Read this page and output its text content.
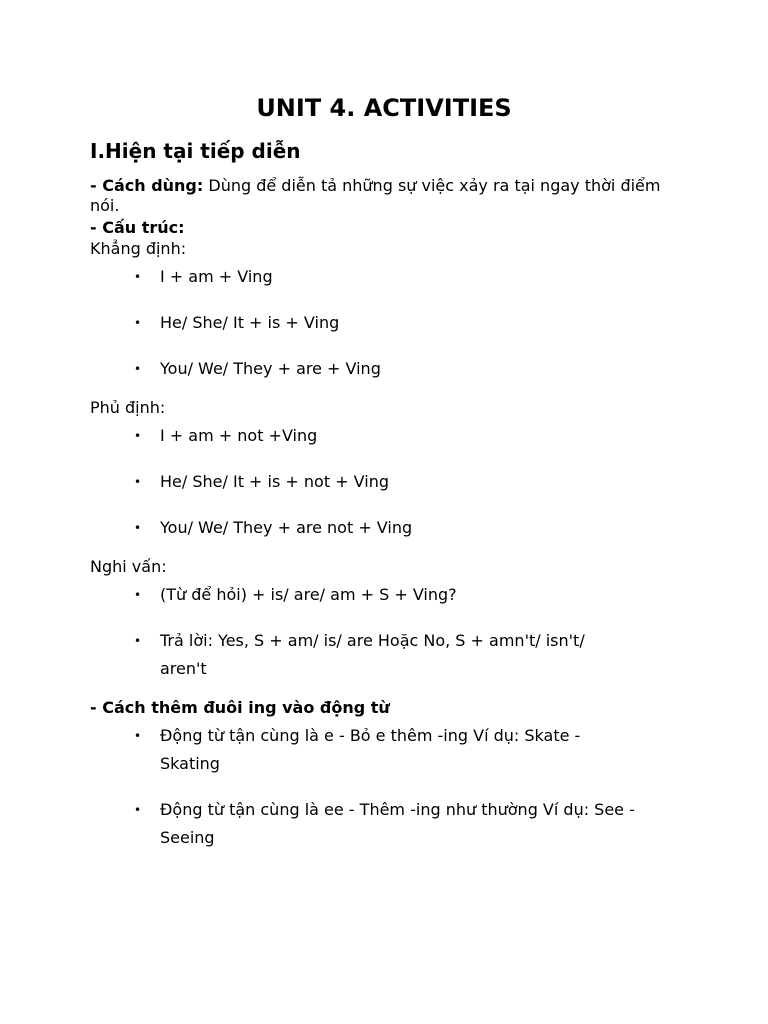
UNIT 4. ACTIVITIES
I.Hiện tại tiếp diễn

- Cách dùng: Dùng để diễn tả những sự việc xảy ra tại ngay thời điểm nói.

- Cấu trúc:

Khẳng định:

• I + am + Ving
• He/ She/ It + is + Ving
• You/ We/ They + are + Ving

Phủ định:

• I + am + not +Ving
• He/ She/ It + is + not + Ving
• You/ We/ They + are not + Ving

Nghi vấn:

• (Từ để hỏi) + is/ are/ am + S + Ving?
• Trả lời: Yes, S + am/ is/ are Hoặc No, S + amn't/ isn't/ aren't

- Cách thêm đuôi ing vào động từ

• Động từ tận cùng là e - Bỏ e thêm -ing Ví dụ: Skate - Skating
• Động từ tận cùng là ee - Thêm -ing như thường Ví dụ: See - Seeing
